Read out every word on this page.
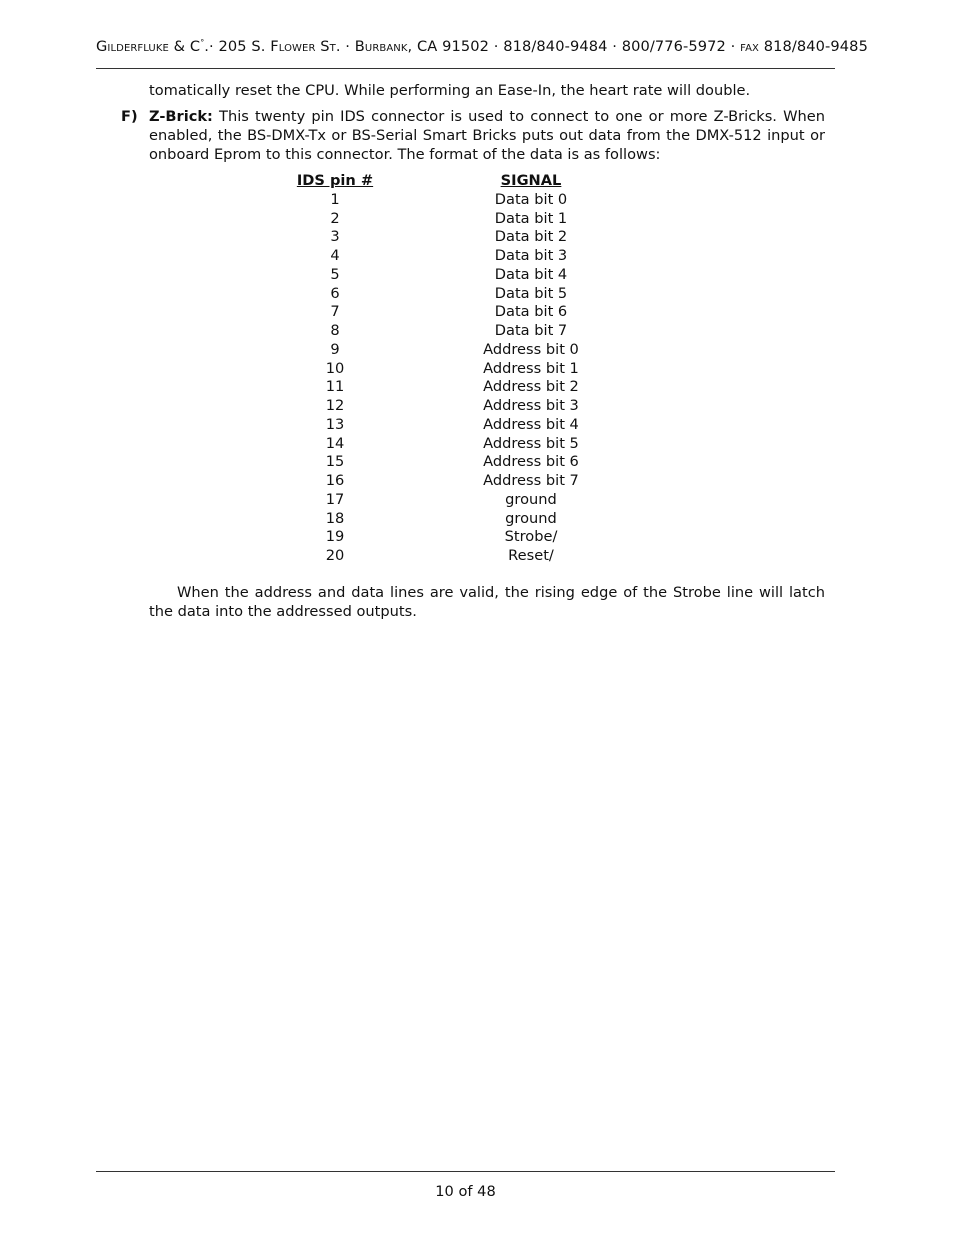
Gilderfluke & C°.· 205 S. Flower St. · Burbank, CA 91502 · 818/840-9484 · 800/776-5972 · fax 818/840-9485
tomatically reset the CPU. While performing an Ease-In, the heart rate will double.
F) Z-Brick: This twenty pin IDS connector is used to connect to one or more Z-Bricks. When enabled, the BS-DMX-Tx or BS-Serial Smart Bricks puts out data from the DMX-512 input or onboard Eprom to this connector. The format of the data is as follows:
IDS pin #	SIGNAL
1	Data bit 0
2	Data bit 1
3	Data bit 2
4	Data bit 3
5	Data bit 4
6	Data bit 5
7	Data bit 6
8	Data bit 7
9	Address bit 0
10	Address bit 1
11	Address bit 2
12	Address bit 3
13	Address bit 4
14	Address bit 5
15	Address bit 6
16	Address bit 7
17	ground
18	ground
19	Strobe/
20	Reset/
When the address and data lines are valid, the rising edge of the Strobe line will latch the data into the addressed outputs.
10 of 48
